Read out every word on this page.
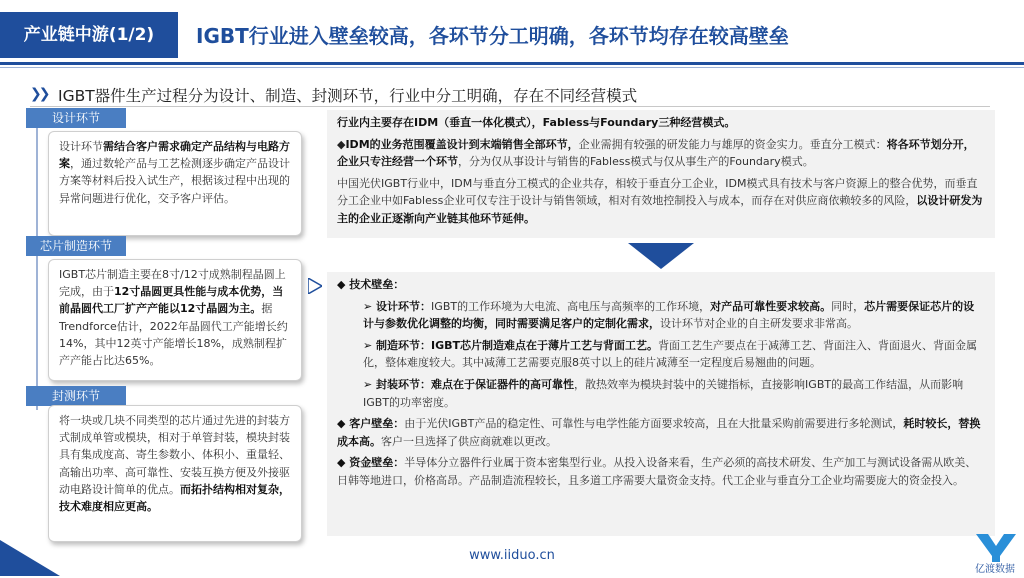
产业链中游(1/2)	IGBT行业进入壁垒较高，各环节分工明确，各环节均存在较高壁垒
❯❯ IGBT器件生产过程分为设计、制造、封测环节，行业中分工明确，存在不同经营模式
设计环节
设计环节需结合客户需求确定产品结构与电路方案，通过数轮产品与工艺检测逐步确定产品设计方案等材料后投入试生产，根据该过程中出现的异常问题进行优化，交予客户评估。
芯片制造环节
IGBT芯片制造主要在8寸/12寸成熟制程晶圆上完成，由于12寸晶圆更具性能与成本优势，当前晶圆代工厂扩产产能以12寸晶圆为主。据Trendforce估计，2022年晶圆代工产能增长约14%，其中12英寸产能增长18%，成熟制程扩产产能占比达65%。
封测环节
将一块或几块不同类型的芯片通过先进的封装方式制成单管或模块，相对于单管封装，模块封装具有集成度高、寄生参数小、体积小、重量轻、高输出功率、高可靠性、安装互换方便及外接驱动电路设计简单的优点。而拓扑结构相对复杂，技术难度相应更高。

行业内主要存在IDM（垂直一体化模式），Fabless与Foundary三种经营模式。

◆IDM的业务范围覆盖设计到末端销售全部环节，企业需拥有较强的研发能力与雄厚的资金实力。垂直分工模式：将各环节划分开，企业只专注经营一个环节，分为仅从事设计与销售的Fabless模式与仅从事生产的Foundary模式。

中国光伏IGBT行业中，IDM与垂直分工模式的企业共存，相较于垂直分工企业，IDM模式具有技术与客户资源上的整合优势，而垂直分工企业中如Fabless企业可仅专注于设计与销售领域，相对有效地控制投入与成本，而存在对供应商依赖较多的风险，以设计研发为主的企业正逐渐向产业链其他环节延伸。

◆ 技术壁垒：

➢ 设计环节：IGBT的工作环境为大电流、高电压与高频率的工作环境，对产品可靠性要求较高。同时，芯片需要保证芯片的设计与参数优化调整的均衡，同时需要满足客户的定制化需求，设计环节对企业的自主研发要求非常高。

➢ 制造环节：IGBT芯片制造难点在于薄片工艺与背面工艺。背面工艺生产要点在于减薄工艺、背面注入、背面退火、背面金属化，整体难度较大。其中减薄工艺需要克服8英寸以上的硅片减薄至一定程度后易翘曲的问题。

➢ 封装环节：难点在于保证器件的高可靠性，散热效率为模块封装中的关键指标，直接影响IGBT的最高工作结温，从而影响IGBT的功率密度。

◆ 客户壁垒：由于光伏IGBT产品的稳定性、可靠性与电学性能方面要求较高，且在大批量采购前需要进行多轮测试，耗时较长，替换成本高。客户一旦选择了供应商就难以更改。

◆ 资金壁垒：半导体分立器件行业属于资本密集型行业。从投入设备来看，生产必须的高技术研发、生产加工与测试设备需从欧美、日韩等地进口，价格高昂。产品制造流程较长，且多道工序需要大量资金支持。代工企业与垂直分工企业均需要庞大的资金投入。

www.iiduo.cn
亿渡数据
